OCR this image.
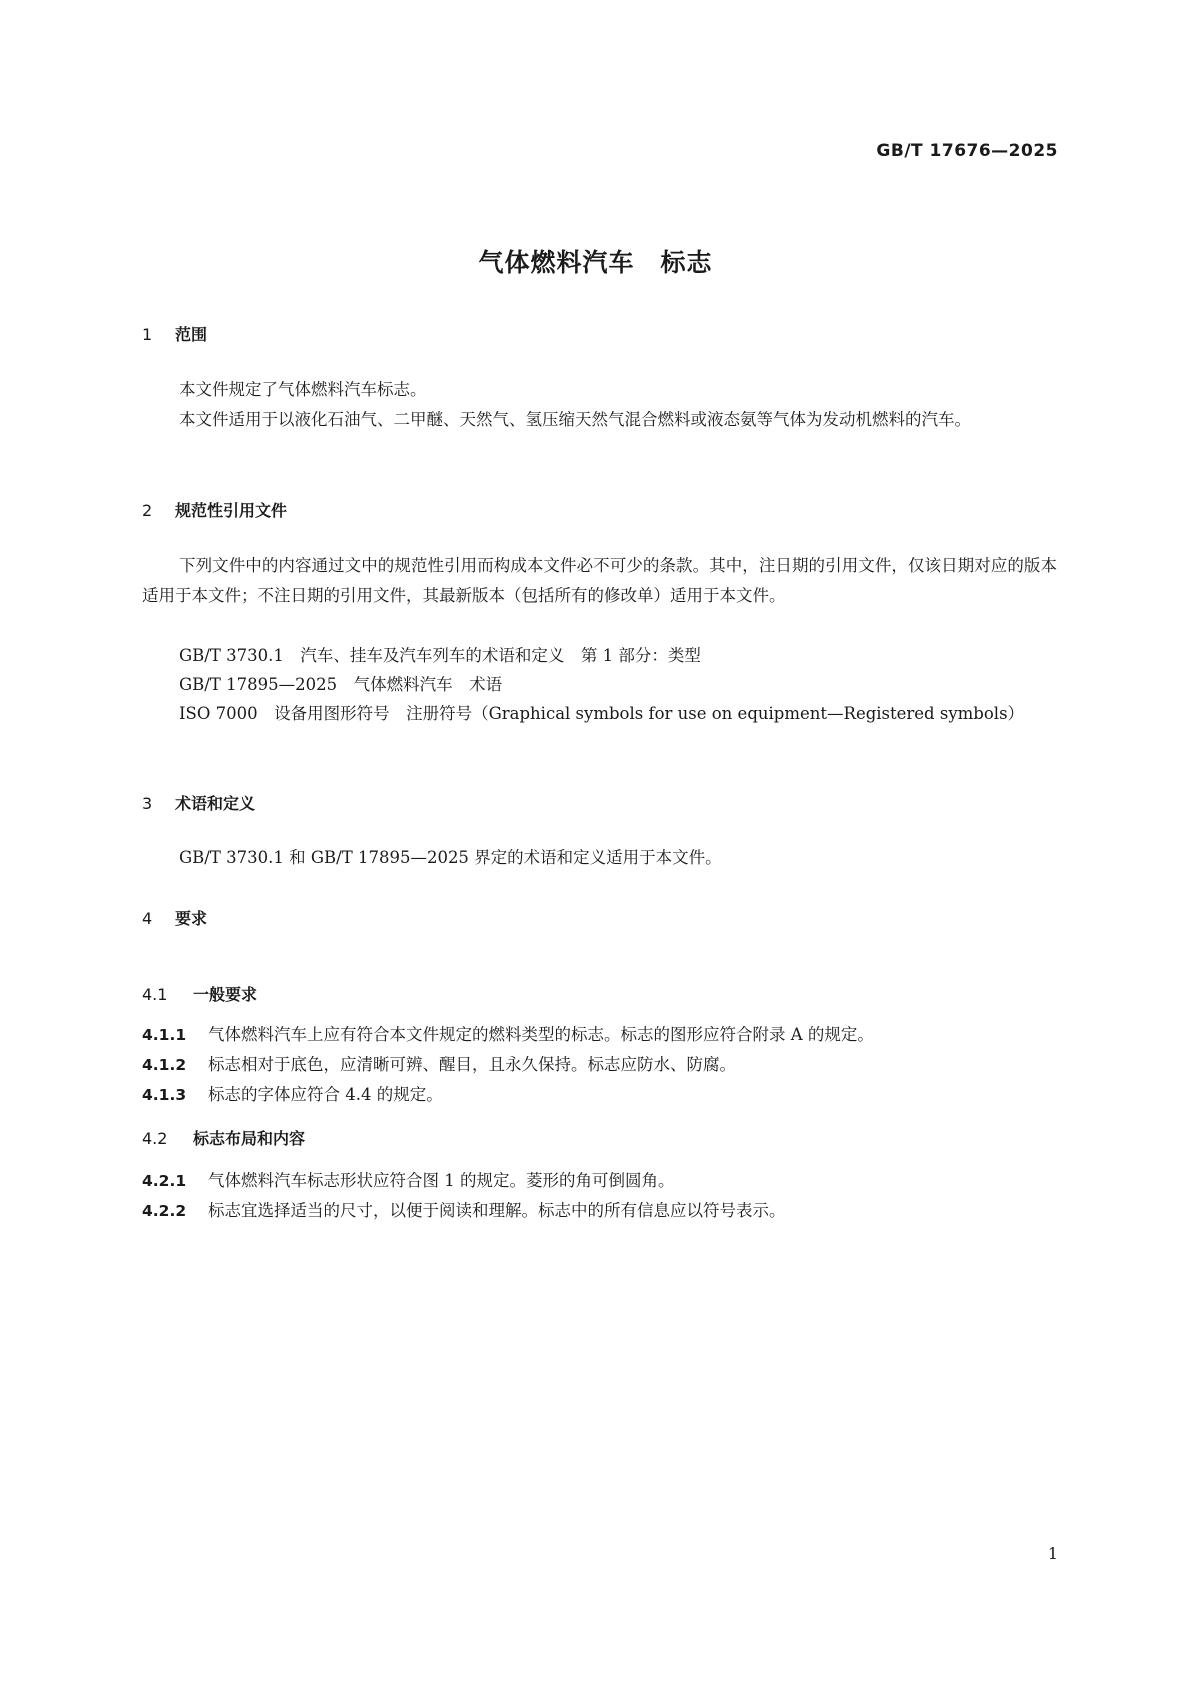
GB/T 17676—2025
气体燃料汽车　标志
1 范围
本文件规定了气体燃料汽车标志。
本文件适用于以液化石油气、二甲醚、天然气、氢压缩天然气混合燃料或液态氨等气体为发动机燃料的汽车。
2 规范性引用文件
下列文件中的内容通过文中的规范性引用而构成本文件必不可少的条款。其中，注日期的引用文件，仅该日期对应的版本适用于本文件；不注日期的引用文件，其最新版本（包括所有的修改单）适用于本文件。
GB/T 3730.1　汽车、挂车及汽车列车的术语和定义　第 1 部分：类型
GB/T 17895—2025　气体燃料汽车　术语
ISO 7000　设备用图形符号　注册符号（Graphical symbols for use on equipment—Registered symbols）
3 术语和定义
GB/T 3730.1 和 GB/T 17895—2025 界定的术语和定义适用于本文件。
4 要求
4.1 一般要求
4.1.1 气体燃料汽车上应有符合本文件规定的燃料类型的标志。标志的图形应符合附录 A 的规定。
4.1.2 标志相对于底色，应清晰可辨、醒目，且永久保持。标志应防水、防腐。
4.1.3 标志的字体应符合 4.4 的规定。
4.2 标志布局和内容
4.2.1 气体燃料汽车标志形状应符合图 1 的规定。菱形的角可倒圆角。
4.2.2 标志宜选择适当的尺寸，以便于阅读和理解。标志中的所有信息应以符号表示。
1
